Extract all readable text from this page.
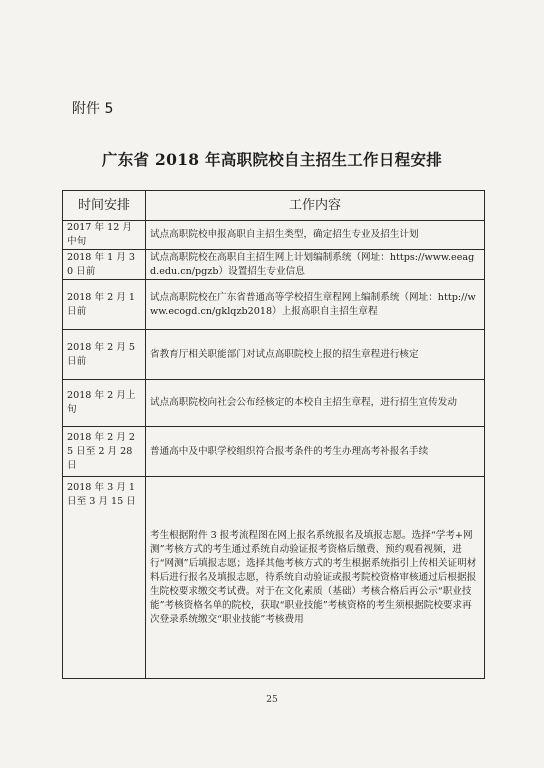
附件 5
广东省 2018 年高职院校自主招生工作日程安排
时间安排	工作内容
2017 年 12 月中旬	试点高职院校申报高职自主招生类型，确定招生专业及招生计划
2018 年 1 月 30 日前	试点高职院校在高职自主招生网上计划编制系统（网址：https://www.eeagd.edu.cn/pgzb）设置招生专业信息
2018 年 2 月 1 日前	试点高职院校在广东省普通高等学校招生章程网上编制系统（网址：http://www.ecogd.cn/gklqzb2018）上报高职自主招生章程
2018 年 2 月 5 日前	省教育厅相关职能部门对试点高职院校上报的招生章程进行核定
2018 年 2 月上旬	试点高职院校向社会公布经核定的本校自主招生章程，进行招生宣传发动
2018 年 2 月 25 日至 2 月 28 日	普通高中及中职学校组织符合报考条件的考生办理高考补报名手续
2018 年 3 月 1 日至 3 月 15 日	考生根据附件 3 报考流程图在网上报名系统报名及填报志愿。选择“学考+网测”考核方式的考生通过系统自动验证报考资格后缴费、预约观看视频，进行“网测”后填报志愿；选择其他考核方式的考生根据系统指引上传相关证明材料后进行报名及填报志愿，待系统自动验证或报考院校资格审核通过后根据报生院校要求缴交考试费。对于在文化素质（基础）考核合格后再公示“职业技能”考核资格名单的院校，获取“职业技能”考核资格的考生须根据院校要求再次登录系统缴交“职业技能”考核费用
25
